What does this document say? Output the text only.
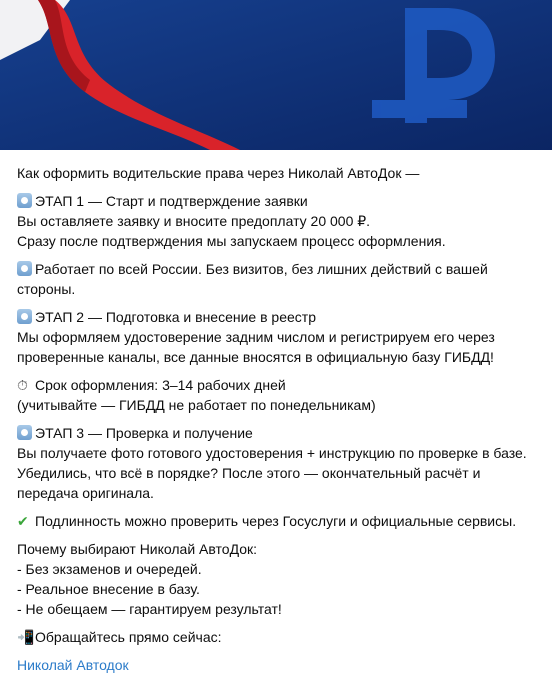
Как оформить водительские права через Николай АвтоДок —
ЭТАП 1 — Старт и подтверждение заявки
Вы оставляете заявку и вносите предоплату 20 000 ₽.
Сразу после подтверждения мы запускаем процесс оформления.
Работает по всей России. Без визитов, без лишних действий с вашей
стороны.
ЭТАП 2 — Подготовка и внесение в реестр
Мы оформляем удостоверение задним числом и регистрируем его через
проверенные каналы, все данные вносятся в официальную базу ГИБДД!
⏱ Срок оформления: 3–14 рабочих дней
(учитывайте — ГИБДД не работает по понедельникам)
ЭТАП 3 — Проверка и получение
Вы получаете фото готового удостоверения + инструкцию по проверке в базе.
Убедились, что всё в порядке? После этого — окончательный расчёт и
передача оригинала.
✔ Подлинность можно проверить через Госуслуги и официальные сервисы.
Почему выбирают Николай АвтоДок:
- Без экзаменов и очередей.
- Реальное внесение в базу.
- Не обещаем — гарантируем результат!
📲Обращайтесь прямо сейчас:
Николай Автодок
